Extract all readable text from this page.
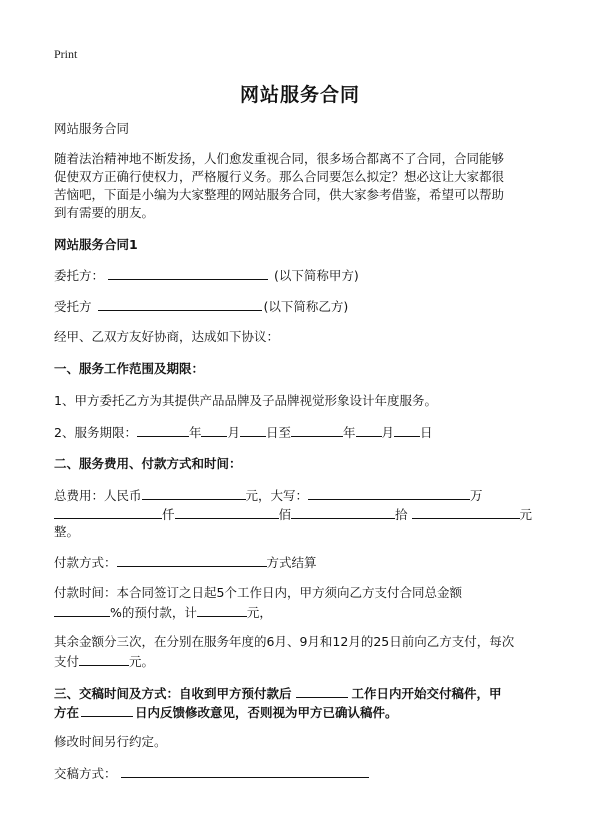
Print
网站服务合同
网站服务合同
随着法治精神地不断发扬，人们愈发重视合同，很多场合都离不了合同，合同能够
促使双方正确行使权力，严格履行义务。那么合同要怎么拟定？想必这让大家都很
苦恼吧，下面是小编为大家整理的网站服务合同，供大家参考借鉴，希望可以帮助
到有需要的朋友。
网站服务合同1
委托方：	(以下简称甲方)
受托方	(以下简称乙方)
经甲、乙双方友好协商，达成如下协议：
一、服务工作范围及期限：
1、甲方委托乙方为其提供产品品牌及子品牌视觉形象设计年度服务。
2、服务期限：	年 月 日至	年 月 日
二、服务费用、付款方式和时间：
总费用：人民币	元，大写：	万
仟	佰	拾	元
整。
付款方式：	方式结算
付款时间：本合同签订之日起5个工作日内，甲方须向乙方支付合同总金额
%的预付款，计	元，
其余金额分三次，在分别在服务年度的6月、9月和12月的25日前向乙方支付，每次
支付	元。
三、交稿时间及方式：自收到甲方预付款后	工作日内开始交付稿件，甲
方在	日内反馈修改意见，否则视为甲方已确认稿件。
修改时间另行约定。
交稿方式：
